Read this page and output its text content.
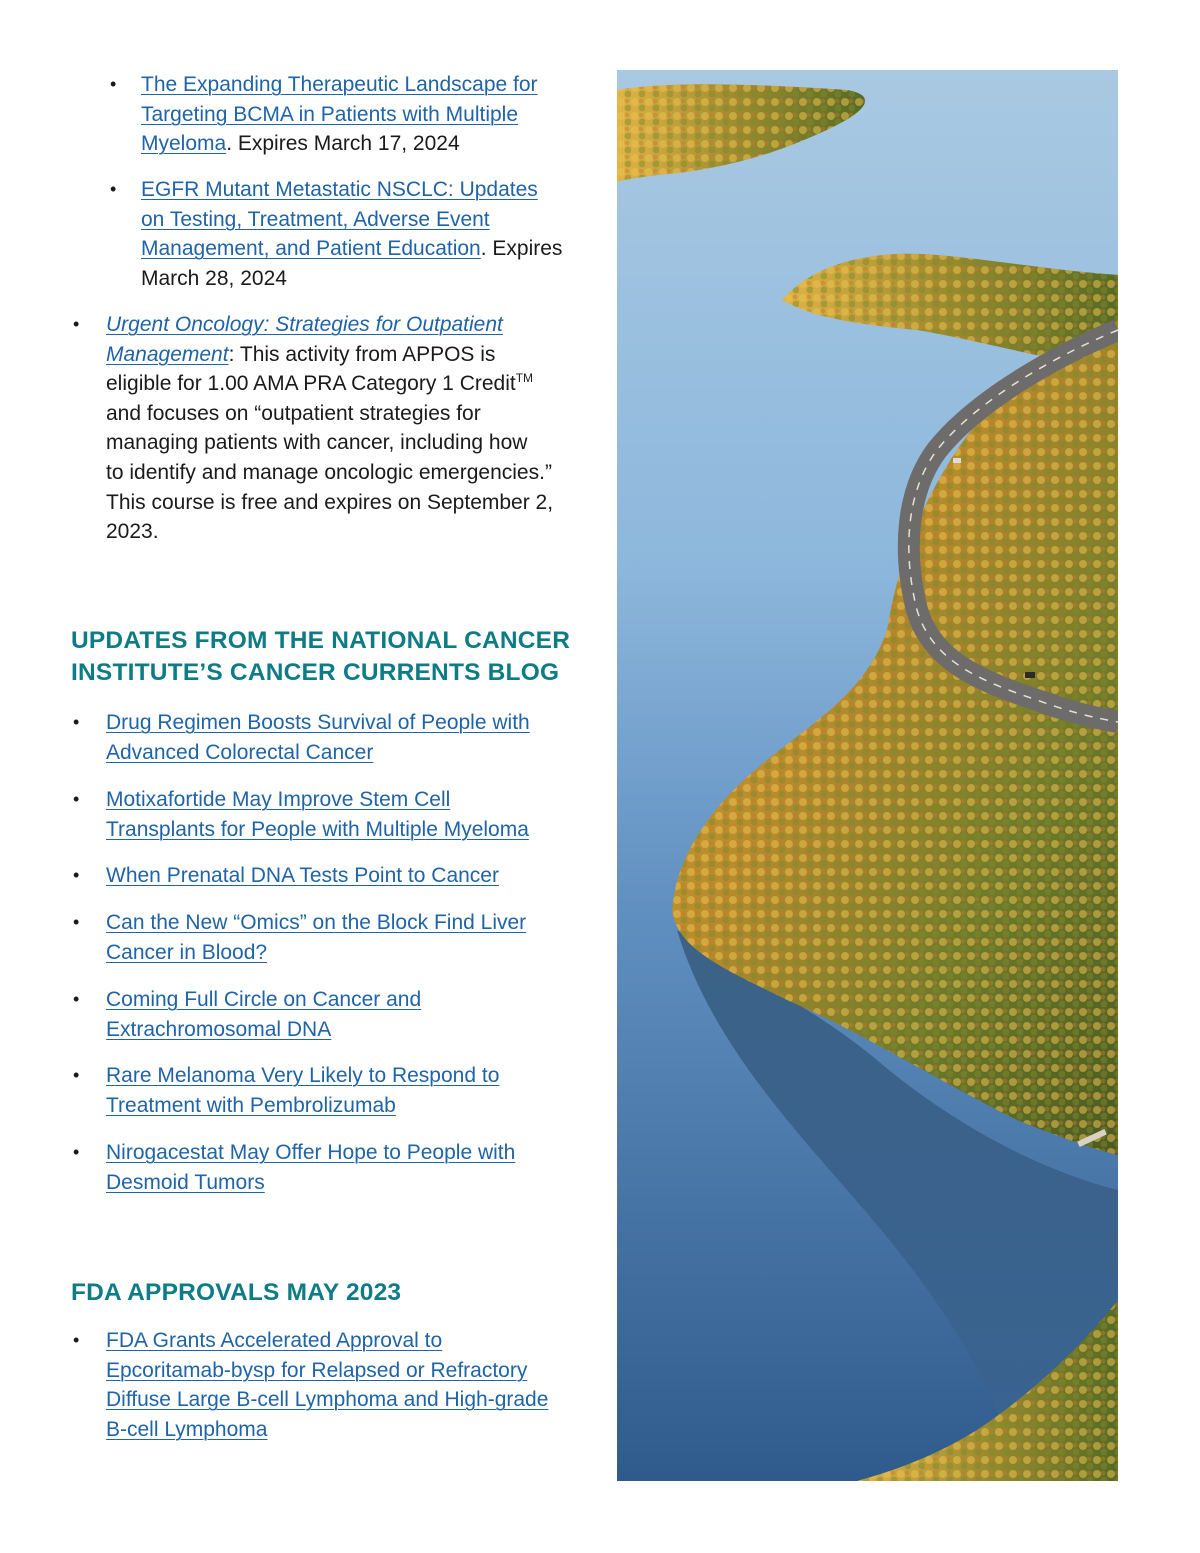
• The Expanding Therapeutic Landscape for
Targeting BCMA in Patients with Multiple
Myeloma. Expires March 17, 2024
• EGFR Mutant Metastatic NSCLC: Updates
on Testing, Treatment, Adverse Event
Management, and Patient Education. Expires
March 28, 2024
• Urgent Oncology: Strategies for Outpatient
Management: This activity from APPOS is
eligible for 1.00 AMA PRA Category 1 Credit™
and focuses on “outpatient strategies for
managing patients with cancer, including how
to identify and manage oncologic emergencies.”
This course is free and expires on September 2,
2023.
UPDATES FROM THE NATIONAL CANCER
INSTITUTE’S CANCER CURRENTS BLOG
• Drug Regimen Boosts Survival of People with
Advanced Colorectal Cancer
• Motixafortide May Improve Stem Cell
Transplants for People with Multiple Myeloma
• When Prenatal DNA Tests Point to Cancer
• Can the New “Omics” on the Block Find Liver
Cancer in Blood?
• Coming Full Circle on Cancer and
Extrachromosomal DNA
• Rare Melanoma Very Likely to Respond to
Treatment with Pembrolizumab
• Nirogacestat May Offer Hope to People with
Desmoid Tumors
FDA APPROVALS MAY 2023
• FDA Grants Accelerated Approval to
Epcoritamab-bysp for Relapsed or Refractory
Diffuse Large B-cell Lymphoma and High-grade
B-cell Lymphoma
